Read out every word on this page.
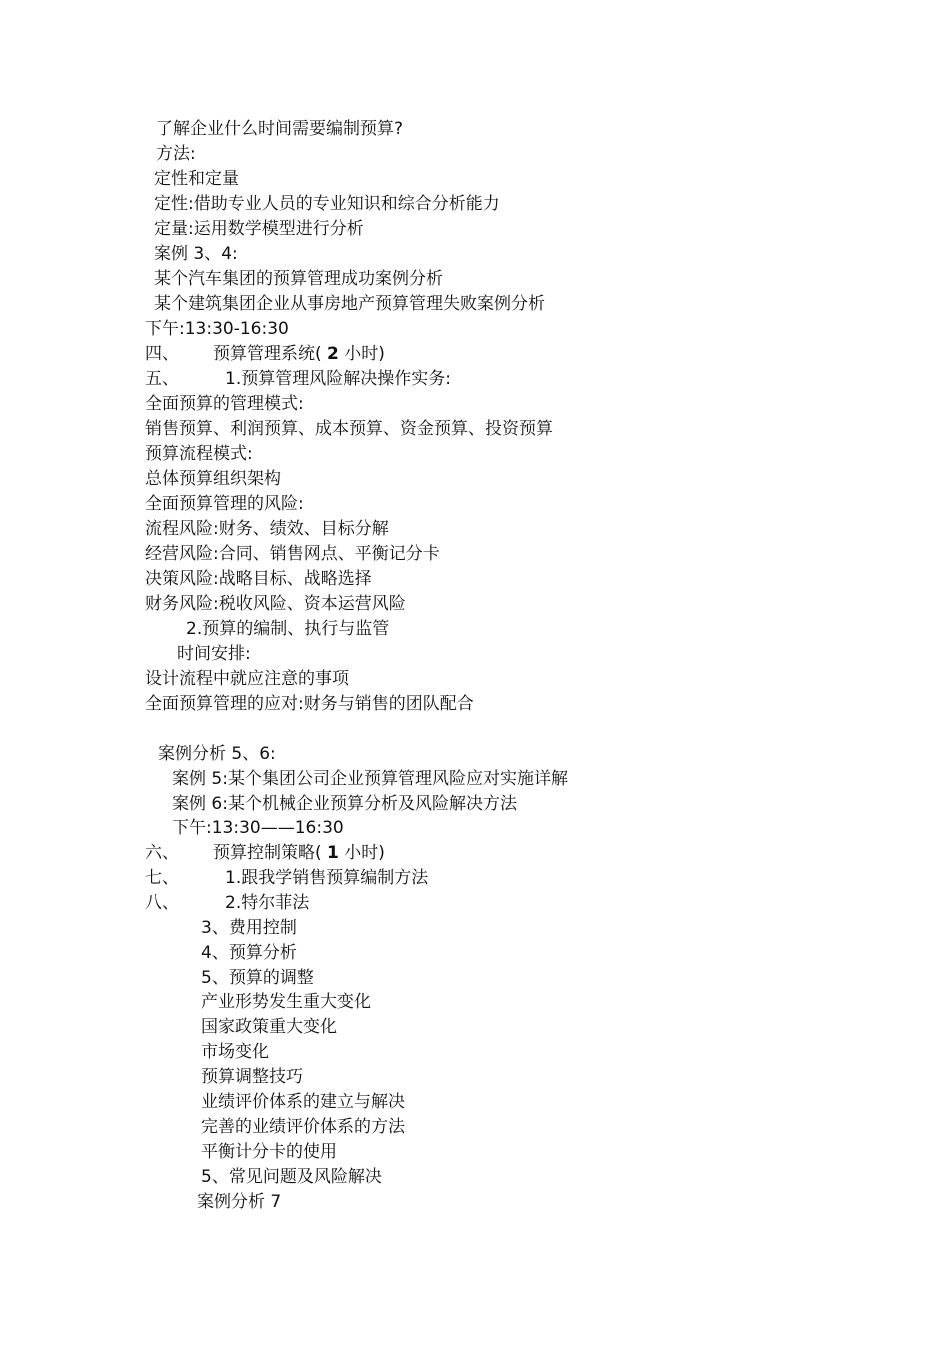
了解企业什么时间需要编制预算?
方法:
定性和定量
定性:借助专业人员的专业知识和综合分析能力
定量:运用数学模型进行分析
案例 3、4:
某个汽车集团的预算管理成功案例分析
某个建筑集团企业从事房地产预算管理失败案例分析
下午:13:30-16:30
四、 预算管理系统( 2 小时)
五、	1.预算管理风险解决操作实务:
全面预算的管理模式:
销售预算、利润预算、成本预算、资金预算、投资预算
预算流程模式:
总体预算组织架构
全面预算管理的风险:
流程风险:财务、绩效、目标分解
经营风险:合同、销售网点、平衡记分卡
决策风险:战略目标、战略选择
财务风险:税收风险、资本运营风险
2.预算的编制、执行与监管
时间安排:
设计流程中就应注意的事项
全面预算管理的应对:财务与销售的团队配合
案例分析 5、6:
案例 5:某个集团公司企业预算管理风险应对实施详解
案例 6:某个机械企业预算分析及风险解决方法
下午:13:30——16:30
六、 预算控制策略( 1 小时)
七、	1.跟我学销售预算编制方法
八、	2.特尔菲法
3、费用控制
4、预算分析
5、预算的调整
产业形势发生重大变化
国家政策重大变化
市场变化
预算调整技巧
业绩评价体系的建立与解决
完善的业绩评价体系的方法
平衡计分卡的使用
5、常见问题及风险解决
案例分析 7
